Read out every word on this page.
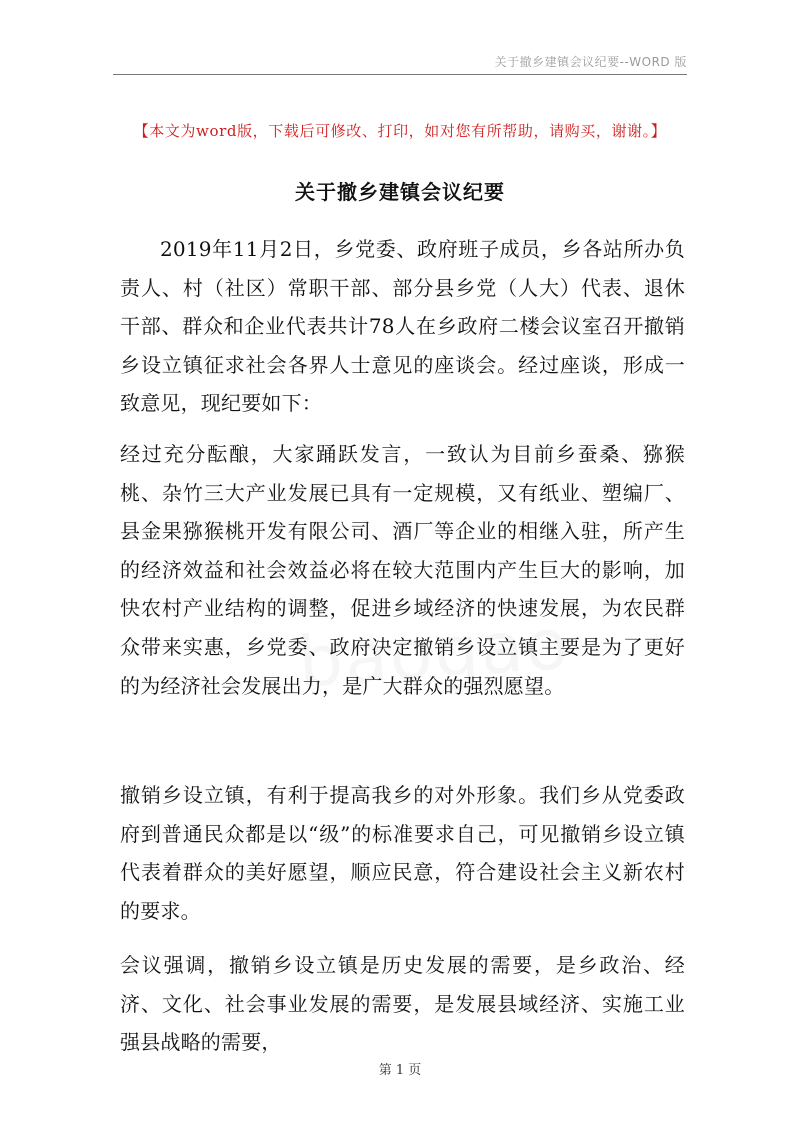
关于撤乡建镇会议纪要--WORD 版
【本文为word版，下载后可修改、打印，如对您有所帮助，请购买，谢谢。】
关于撤乡建镇会议纪要

2019年11月2日，乡党委、政府班子成员，乡各站所办负责人、村（社区）常职干部、部分县乡党（人大）代表、退休干部、群众和企业代表共计78人在乡政府二楼会议室召开撤销乡设立镇征求社会各界人士意见的座谈会。经过座谈，形成一致意见，现纪要如下：

经过充分酝酿，大家踊跃发言，一致认为目前乡蚕桑、猕猴桃、杂竹三大产业发展已具有一定规模，又有纸业、塑编厂、县金果猕猴桃开发有限公司、酒厂等企业的相继入驻，所产生的经济效益和社会效益必将在较大范围内产生巨大的影响，加快农村产业结构的调整，促进乡域经济的快速发展，为农民群众带来实惠，乡党委、政府决定撤销乡设立镇主要是为了更好的为经济社会发展出力，是广大群众的强烈愿望。

撤销乡设立镇，有利于提高我乡的对外形象。我们乡从党委政府到普通民众都是以“级”的标准要求自己，可见撤销乡设立镇代表着群众的美好愿望，顺应民意，符合建设社会主义新农村的要求。

会议强调，撤销乡设立镇是历史发展的需要，是乡政治、经济、文化、社会事业发展的需要，是发展县域经济、实施工业强县战略的需要，

第 1 页
